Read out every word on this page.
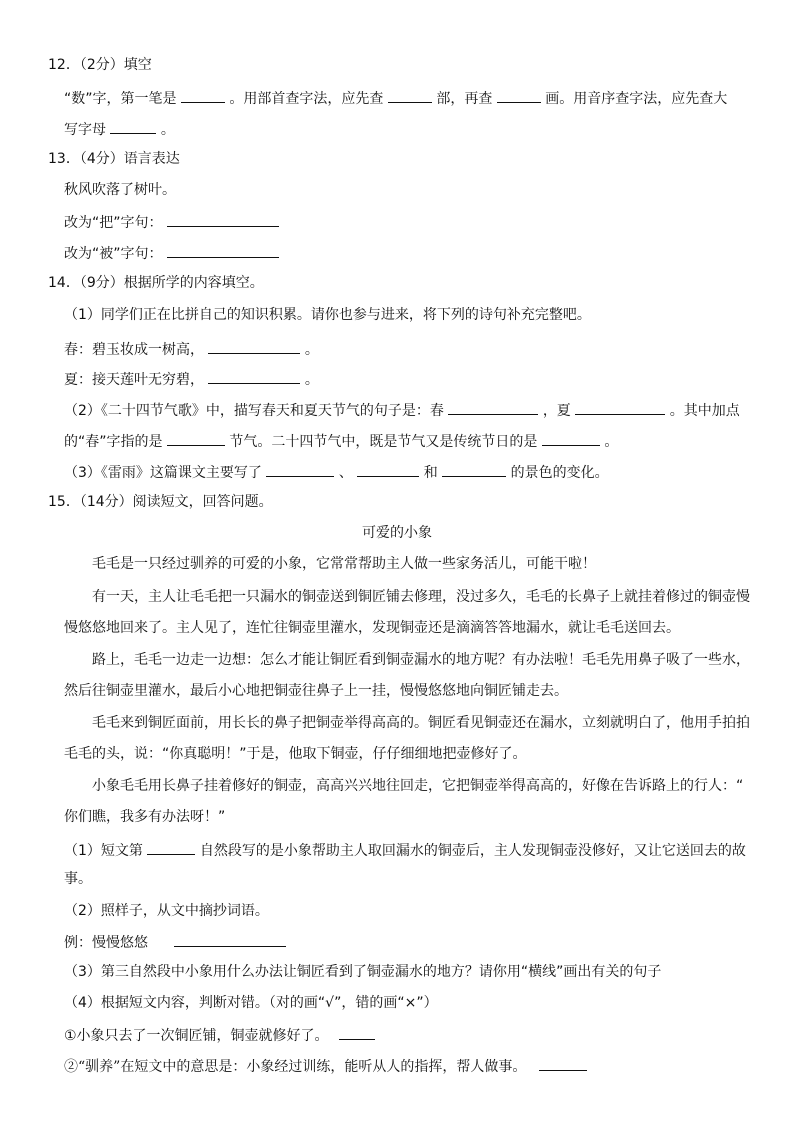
12．（2分）填空
“数”字，第一笔是	。用部首查字法，应先查	部，再查	画。用音序查字法，应先查大
写字母	。
13．（4分）语言表达
秋风吹落了树叶。
改为“把”字句：
改为“被”字句：
14．（9分）根据所学的内容填空。
（1）同学们正在比拼自己的知识积累。请你也参与进来，将下列的诗句补充完整吧。
春：碧玉妆成一树高，	。
夏：接天莲叶无穷碧，	。
（2）《二十四节气歌》中，描写春天和夏天节气的句子是：春	，夏	。其中加点
的“春”字指的是	节气。二十四节气中，既是节气又是传统节日的是	。
（3）《雷雨》这篇课文主要写了	、	和	的景色的变化。
15．（14分）阅读短文，回答问题。
可爱的小象
毛毛是一只经过驯养的可爱的小象，它常常帮助主人做一些家务活儿，可能干啦！
有一天，主人让毛毛把一只漏水的铜壶送到铜匠铺去修理，没过多久，毛毛的长鼻子上就挂着修过的铜壶慢
慢悠悠地回来了。主人见了，连忙往铜壶里灌水，发现铜壶还是滴滴答答地漏水，就让毛毛送回去。
路上，毛毛一边走一边想：怎么才能让铜匠看到铜壶漏水的地方呢？有办法啦！毛毛先用鼻子吸了一些水，
然后往铜壶里灌水，最后小心地把铜壶往鼻子上一挂，慢慢悠悠地向铜匠铺走去。
毛毛来到铜匠面前，用长长的鼻子把铜壶举得高高的。铜匠看见铜壶还在漏水，立刻就明白了，他用手拍拍
毛毛的头，说：“你真聪明！”于是，他取下铜壶，仔仔细细地把壶修好了。
小象毛毛用长鼻子挂着修好的铜壶，高高兴兴地往回走，它把铜壶举得高高的，好像在告诉路上的行人：“
你们瞧，我多有办法呀！”
（1）短文第	自然段写的是小象帮助主人取回漏水的铜壶后，主人发现铜壶没修好，又让它送回去的故
事。
（2）照样子，从文中摘抄词语。
例：慢慢悠悠
（3）第三自然段中小象用什么办法让铜匠看到了铜壶漏水的地方？请你用“横线”画出有关的句子
（4）根据短文内容，判断对错。（对的画“√”，错的画“×”）
①小象只去了一次铜匠铺，铜壶就修好了。
②“驯养”在短文中的意思是：小象经过训练，能听从人的指挥，帮人做事。
